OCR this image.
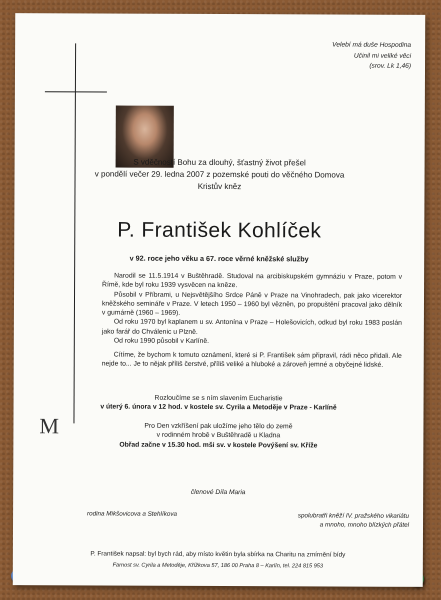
Velebí má duše Hospodina
Učinil mi veliké věci
(srov. Lk 1,46)
S vděčností Bohu za dlouhý, šťastný život přešel
v pondělí večer 29. ledna 2007 z pozemské pouti do věčného Domova
Kristův kněz
P. František Kohlíček
v 92. roce jeho věku a 67. roce věrné kněžské služby

Narodil se 11.5.1914 v Buštěhradě. Studoval na arcibiskupském gymnáziu v Praze, potom v Římě, kde byl roku 1939 vysvěcen na kněze.

Působil v Příbrami, u Nejsvětějšího Srdce Páně v Praze na Vinohradech, pak jako vicerektor kněžského semináře v Praze. V letech 1950 – 1960 byl vězněn, po propuštění pracoval jako dělník v gumárně (1960 – 1969).

Od roku 1970 byl kaplanem u sv. Antonína v Praze – Holešovicích, odkud byl roku 1983 poslán jako farář do Chválenic u Plzně.

Od roku 1990 působil v Karlíně.

Cítíme, že bychom k tomuto oznámení, které si P. František sám připravil, rádi něco přidali. Ale nejde to... Je to nějak příliš čerstvé, příliš veliké a hluboké a zároveň jemné a obyčejné lidské.

M
Rozloučíme se s ním slavením Eucharistie
v úterý 6. února v 12 hod. v kostele sv. Cyrila a Metoděje v Praze - Karlíně
Pro Den vzkříšení pak uložíme jeho tělo do země
v rodinném hrobě v Buštěhradě u Kladna
Obřad začne v 15.30 hod. mši sv. v kostele Povýšení sv. Kříže
členové Díla Maria
rodina Mikšovicova a Stehlíkova	spolubratři kněží IV. pražského vikariátu
a mnoho, mnoho blízkých přátel
P. František napsal: byl bych rád, aby místo květin byla sbírka na Charitu na zmírnění bídy
Farnost sv. Cyrila a Metoděje, Křížkova 57, 186 00 Praha 8 – Karlín, tel. 224 815 953
